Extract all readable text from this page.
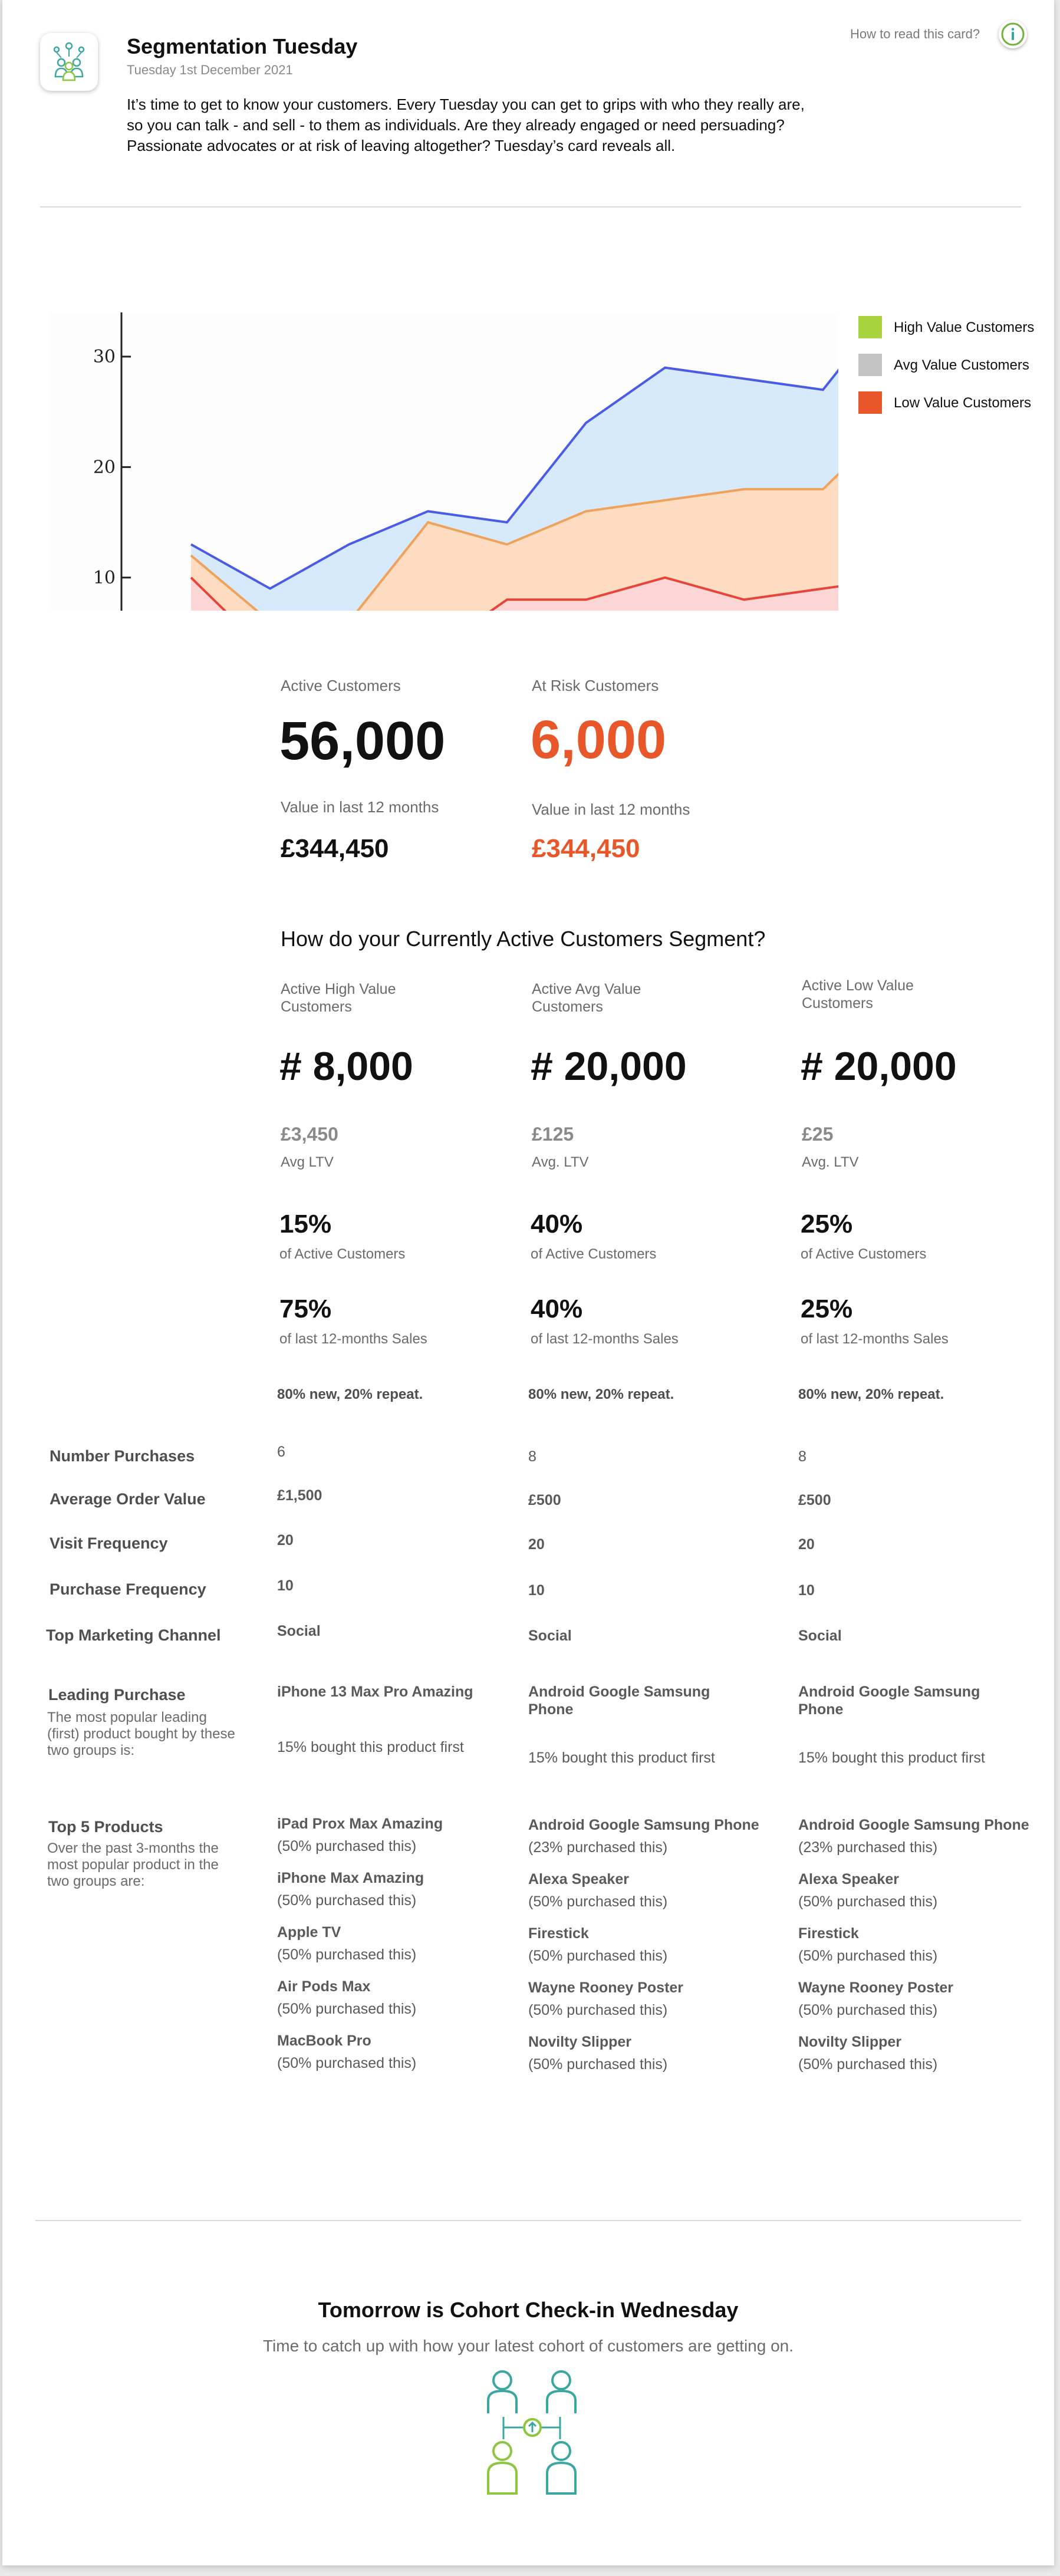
Segmentation Tuesday
Tuesday 1st December 2021
It’s time to get to know your customers. Every Tuesday you can get to grips with who they really are,
so you can talk - and sell - to them as individuals. Are they already engaged or need persuading?
Passionate advocates or at risk of leaving altogether? Tuesday’s card reveals all.
How to read this card?
30
20
10
High Value Customers
Avg Value Customers
Low Value Customers
Active Customers
56,000
Value in last 12 months
£344,450
At Risk Customers
6,000
Value in last 12 months
£344,450
How do your Currently Active Customers Segment?
Active High Value
Customers
# 8,000
£3,450
Avg LTV
15%
of Active Customers
75%
of last 12-months Sales
80% new, 20% repeat.
6
£1,500
20
10
Social
iPhone 13 Max Pro Amazing
15% bought this product first
iPad Prox Max Amazing
(50% purchased this)
iPhone Max Amazing
(50% purchased this)
Apple TV
(50% purchased this)
Air Pods Max
(50% purchased this)
MacBook Pro
(50% purchased this)
Active Avg Value
Customers
# 20,000
£125
Avg. LTV
40%
of Active Customers
40%
of last 12-months Sales
80% new, 20% repeat.
8
£500
20
10
Social
Android Google Samsung
Phone
15% bought this product first
Android Google Samsung Phone
(23% purchased this)
Alexa Speaker
(50% purchased this)
Firestick
(50% purchased this)
Wayne Rooney Poster
(50% purchased this)
Novilty Slipper
(50% purchased this)
Active Low Value
Customers
# 20,000
£25
Avg. LTV
25%
of Active Customers
25%
of last 12-months Sales
80% new, 20% repeat.
8
£500
20
10
Social
Android Google Samsung
Phone
15% bought this product first
Android Google Samsung Phone
(23% purchased this)
Alexa Speaker
(50% purchased this)
Firestick
(50% purchased this)
Wayne Rooney Poster
(50% purchased this)
Novilty Slipper
(50% purchased this)
Number Purchases
Average Order Value
Visit Frequency
Purchase Frequency
Top Marketing Channel
Leading Purchase
The most popular leading (first) product bought by these two groups is:
Top 5 Products
Over the past 3-months the most popular product in the two groups are:
Tomorrow is Cohort Check-in Wednesday
Time to catch up with how your latest cohort of customers are getting on.
